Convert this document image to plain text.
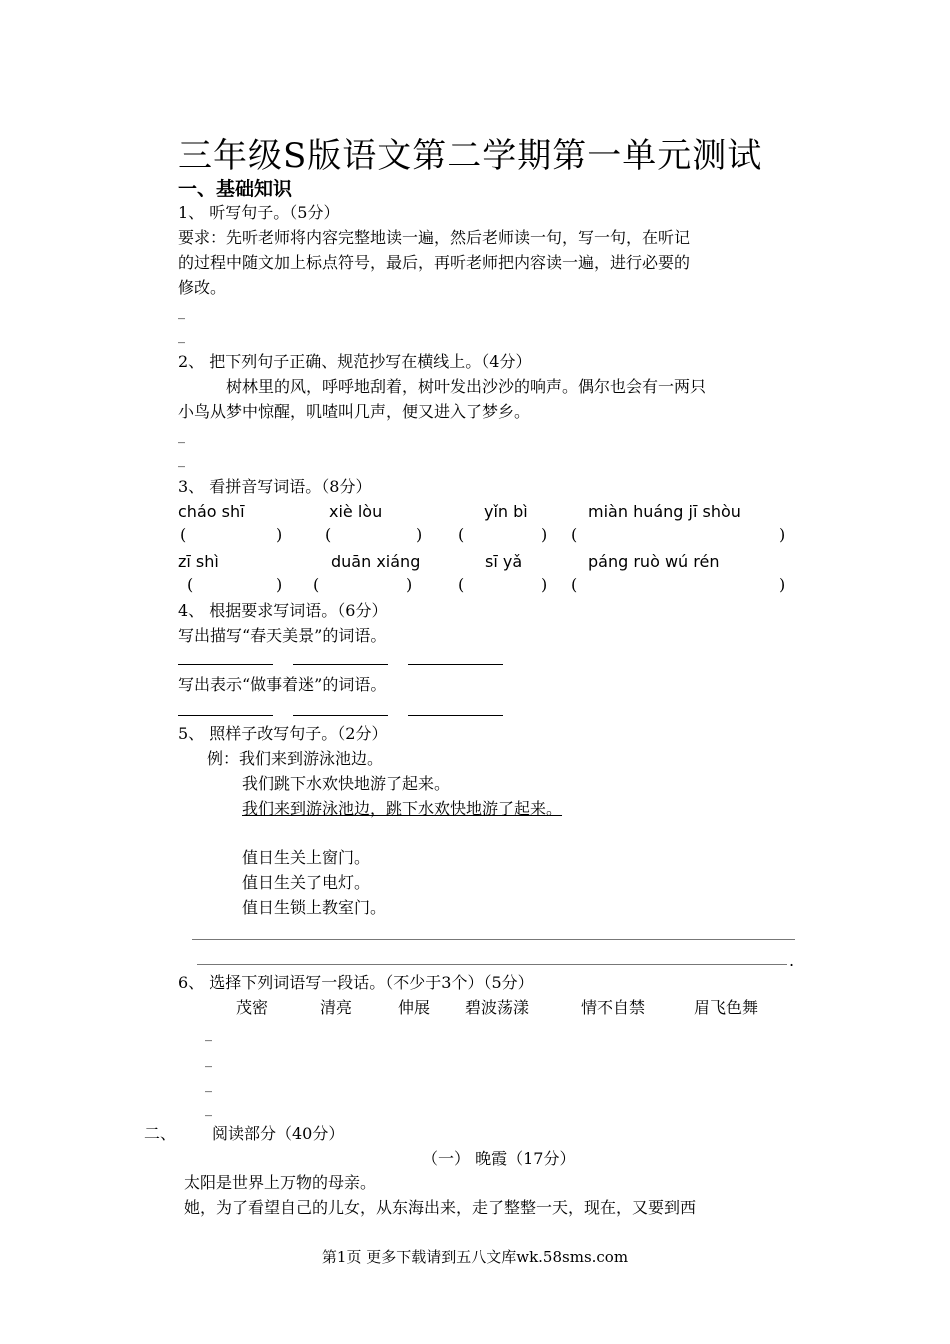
三年级S版语文第二学期第一单元测试
一、基础知识
1、 听写句子。（5分）
要求：先听老师将内容完整地读一遍，然后老师读一句，写一句，在听记
的过程中随文加上标点符号，最后，再听老师把内容读一遍，进行必要的
修改。
_
_
2、 把下列句子正确、规范抄写在横线上。（4分）
树林里的风，呼呼地刮着，树叶发出沙沙的响声。偶尔也会有一两只
小鸟从梦中惊醒，叽喳叫几声，便又进入了梦乡。
_
_
3、 看拼音写词语。（8分）
cháo shī	xiè lòu	yǐn bì	miàn huáng jī shòu
(	)	(	) (	) (	)
zī shì	duān xiáng	sī yǎ	páng ruò wú rén
(	) (	)	(	) (	)
4、 根据要求写词语。（6分）
写出描写“春天美景”的词语。
写出表示“做事着迷”的词语。
5、 照样子改写句子。（2分）
例：我们来到游泳池边。
我们跳下水欢快地游了起来。
我们来到游泳池边，跳下水欢快地游了起来。
值日生关上窗门。
值日生关了电灯。
值日生锁上教室门。
.
6、 选择下列词语写一段话。（不少于3个）（5分）
茂密	清亮	伸展 碧波荡漾	情不自禁	眉飞色舞
_
_
_
_
二、 阅读部分（40分）
（一） 晚霞（17分）
太阳是世界上万物的母亲。
她，为了看望自己的儿女，从东海出来，走了整整一天，现在，又要到西
第1页 更多下载请到五八文库wk.58sms.com
